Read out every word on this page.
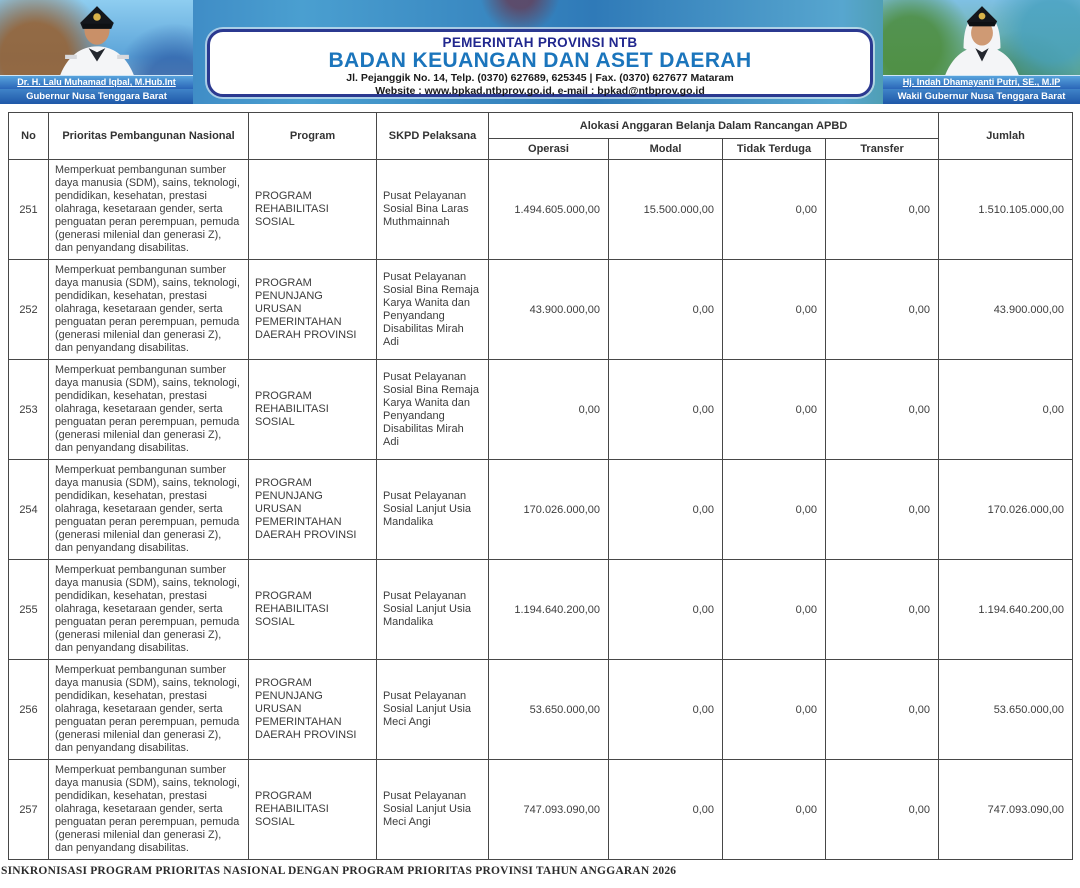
Dr. H. Lalu Muhamad Iqbal, M.Hub.Int
Gubernur Nusa Tenggara Barat
PEMERINTAH PROVINSI NTB
BADAN KEUANGAN DAN ASET DAERAH
Jl. Pejanggik No. 14, Telp. (0370) 627689, 625345 | Fax. (0370) 627677 Mataram
Website : www.bpkad.ntbprov.go.id, e-mail : bpkad@ntbprov.go.id
Hj. Indah Dhamayanti Putri, SE., M.IP
Wakil Gubernur Nusa Tenggara Barat
No	Prioritas Pembangunan Nasional	Program	SKPD Pelaksana	Alokasi Anggaran Belanja Dalam Rancangan APBD				Jumlah
				Operasi	Modal	Tidak Terduga	Transfer	
251	Memperkuat pembangunan sumber daya manusia (SDM), sains, teknologi, pendidikan, kesehatan, prestasi olahraga, kesetaraan gender, serta penguatan peran perempuan, pemuda (generasi milenial dan generasi Z), dan penyandang disabilitas.	PROGRAM REHABILITASI SOSIAL	Pusat Pelayanan Sosial Bina Laras Muthmainnah	1.494.605.000,00	15.500.000,00	0,00	0,00	1.510.105.000,00
252	Memperkuat pembangunan sumber daya manusia (SDM), sains, teknologi, pendidikan, kesehatan, prestasi olahraga, kesetaraan gender, serta penguatan peran perempuan, pemuda (generasi milenial dan generasi Z), dan penyandang disabilitas.	PROGRAM PENUNJANG URUSAN PEMERINTAHAN DAERAH PROVINSI	Pusat Pelayanan Sosial Bina Remaja Karya Wanita dan Penyandang Disabilitas Mirah Adi	43.900.000,00	0,00	0,00	0,00	43.900.000,00
253	Memperkuat pembangunan sumber daya manusia (SDM), sains, teknologi, pendidikan, kesehatan, prestasi olahraga, kesetaraan gender, serta penguatan peran perempuan, pemuda (generasi milenial dan generasi Z), dan penyandang disabilitas.	PROGRAM REHABILITASI SOSIAL	Pusat Pelayanan Sosial Bina Remaja Karya Wanita dan Penyandang Disabilitas Mirah Adi	0,00	0,00	0,00	0,00	0,00
254	Memperkuat pembangunan sumber daya manusia (SDM), sains, teknologi, pendidikan, kesehatan, prestasi olahraga, kesetaraan gender, serta penguatan peran perempuan, pemuda (generasi milenial dan generasi Z), dan penyandang disabilitas.	PROGRAM PENUNJANG URUSAN PEMERINTAHAN DAERAH PROVINSI	Pusat Pelayanan Sosial Lanjut Usia Mandalika	170.026.000,00	0,00	0,00	0,00	170.026.000,00
255	Memperkuat pembangunan sumber daya manusia (SDM), sains, teknologi, pendidikan, kesehatan, prestasi olahraga, kesetaraan gender, serta penguatan peran perempuan, pemuda (generasi milenial dan generasi Z), dan penyandang disabilitas.	PROGRAM REHABILITASI SOSIAL	Pusat Pelayanan Sosial Lanjut Usia Mandalika	1.194.640.200,00	0,00	0,00	0,00	1.194.640.200,00
256	Memperkuat pembangunan sumber daya manusia (SDM), sains, teknologi, pendidikan, kesehatan, prestasi olahraga, kesetaraan gender, serta penguatan peran perempuan, pemuda (generasi milenial dan generasi Z), dan penyandang disabilitas.	PROGRAM PENUNJANG URUSAN PEMERINTAHAN DAERAH PROVINSI	Pusat Pelayanan Sosial Lanjut Usia Meci Angi	53.650.000,00	0,00	0,00	0,00	53.650.000,00
257	Memperkuat pembangunan sumber daya manusia (SDM), sains, teknologi, pendidikan, kesehatan, prestasi olahraga, kesetaraan gender, serta penguatan peran perempuan, pemuda (generasi milenial dan generasi Z), dan penyandang disabilitas.	PROGRAM REHABILITASI SOSIAL	Pusat Pelayanan Sosial Lanjut Usia Meci Angi	747.093.090,00	0,00	0,00	0,00	747.093.090,00
SINKRONISASI PROGRAM PRIORITAS NASIONAL DENGAN PROGRAM PRIORITAS PROVINSI TAHUN ANGGARAN 2026
